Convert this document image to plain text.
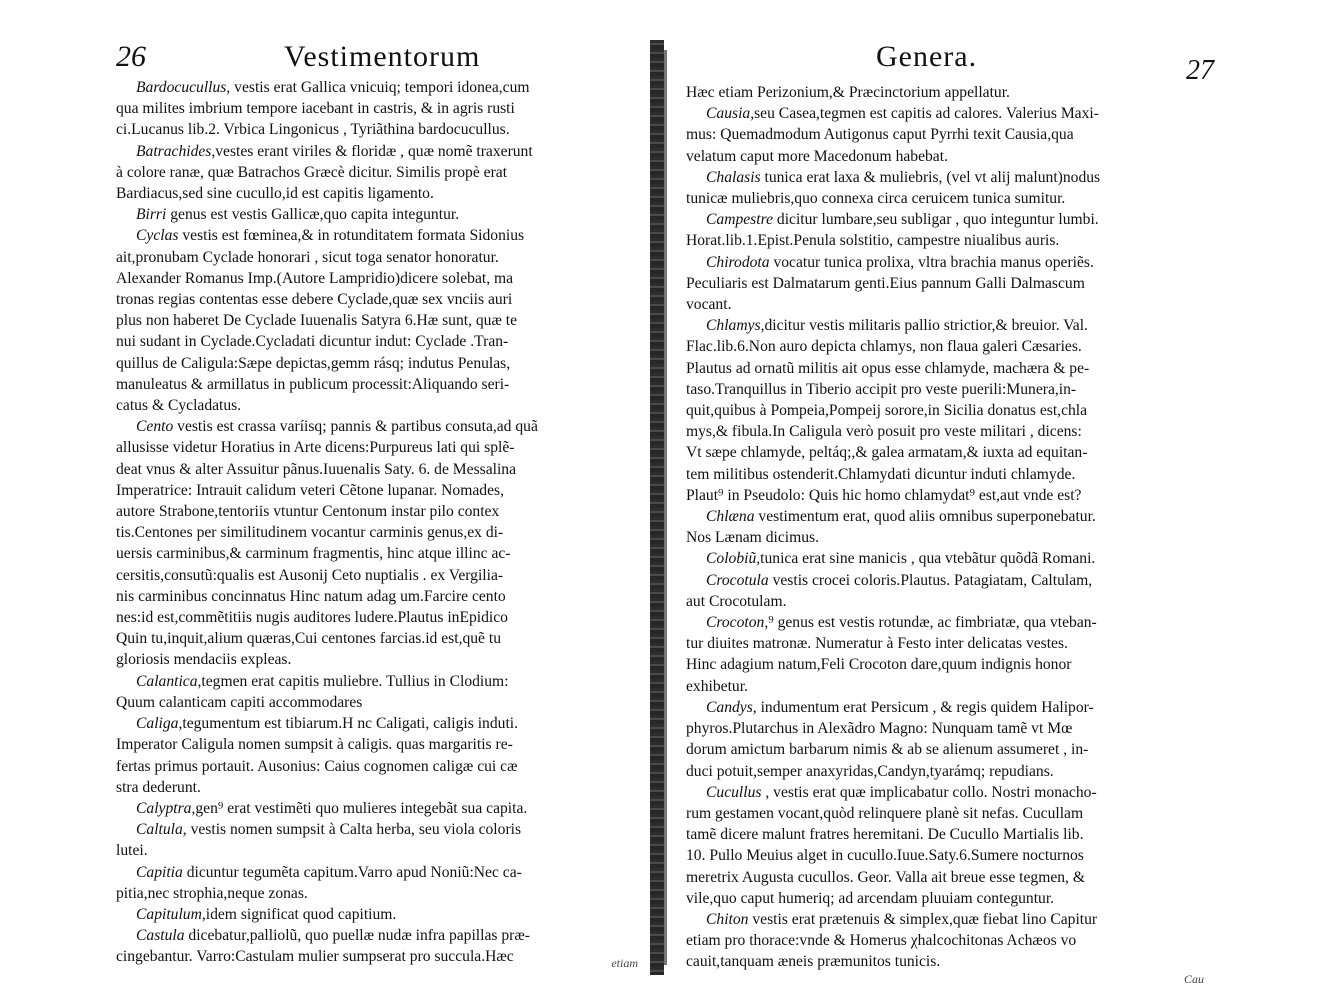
26	Vestimentorum
Bardocucullus, vestis erat Gallica vnicuiq; tempori idonea,cum
qua milites imbrium tempore iacebant in castris, & in agris rusti
ci.Lucanus lib.2. Vrbica Lingonicus , Tyriãthina bardocucullus.
Batrachides,vestes erant viriles & floridæ , quæ nomẽ traxerunt
à colore ranæ, quæ Batrachos Græcè dicitur. Similis propè erat
Bardiacus,sed sine cucullo,id est capitis ligamento.
Birri genus est vestis Gallicæ,quo capita integuntur.
Cyclas vestis est fœminea,& in rotunditatem formata Sidonius
ait,pronubam Cyclade honorari , sicut toga senator honoratur.
Alexander Romanus Imp.(Autore Lampridio)dicere solebat, ma
tronas regias contentas esse debere Cyclade,quæ sex vnciis auri
plus non haberet De Cyclade Iuuenalis Satyra 6.Hæ sunt, quæ te
nui sudant in Cyclade.Cycladati dicuntur indut: Cyclade .Tran-
quillus de Caligula:Sæpe depictas,gemm rásq; indutus Penulas,
manuleatus & armillatus in publicum processit:Aliquando seri-
catus & Cycladatus.
Cento vestis est crassa varíisq; pannis & partibus consuta,ad quã
allusisse videtur Horatius in Arte dicens:Purpureus lati qui splẽ-
deat vnus & alter Assuitur pãnus.Iuuenalis Saty. 6. de Messalina
Imperatrice: Intrauit calidum veteri Cẽtone lupanar. Nomades,
autore Strabone,tentoriis vtuntur Centonum instar pilo contex
tis.Centones per similitudinem vocantur carminis genus,ex di-
uersis carminibus,& carminum fragmentis, hinc atque illinc ac-
cersitis,consutũ:qualis est Ausonij Ceto nuptialis . ex Vergilia-
nis carminibus concinnatus Hinc natum adag um.Farcire cento
nes:id est,commẽtitiis nugis auditores ludere.Plautus inEpidico
Quin tu,inquit,alium quæras,Cui centones farcias.id est,quẽ tu
gloriosis mendaciis expleas.
Calantica,tegmen erat capitis muliebre. Tullius in Clodium:
Quum calanticam capiti accommodares
Caliga,tegumentum est tibiarum.H nc Caligati, caligis induti.
Imperator Caligula nomen sumpsit à caligis. quas margaritis re-
fertas primus portauit. Ausonius: Caius cognomen caligæ cui cæ
stra dederunt.
Calyptra,gen⁹ erat vestimẽti quo mulieres integebãt sua capita.
Caltula, vestis nomen sumpsit à Calta herba, seu viola coloris
lutei.
Capitia dicuntur tegumẽta capitum.Varro apud Noniũ:Nec ca-
pitia,nec strophia,neque zonas.
Capitulum,idem significat quod capitium.
Castula dicebatur,palliolũ, quo puellæ nudæ infra papillas præ-
cingebantur. Varro:Castulam mulier sumpserat pro succula.Hæc	etiam
Genera.	27
Hæc etiam Perizonium,& Præcinctorium appellatur.
Causia,seu Casea,tegmen est capitis ad calores. Valerius Maxi-
mus: Quemadmodum Autigonus caput Pyrrhi texit Causia,qua
velatum caput more Macedonum habebat.
Chalasis tunica erat laxa & muliebris, (vel vt alij malunt)nodus
tunicæ muliebris,quo connexa circa ceruicem tunica sumitur.
Campestre dicitur lumbare,seu subligar , quo integuntur lumbi.
Horat.lib.1.Epist.Penula solstitio, campestre niualibus auris.
Chirodota vocatur tunica prolixa, vltra brachia manus operiẽs.
Peculiaris est Dalmatarum genti.Eius pannum Galli Dalmascum
vocant.
Chlamys,dicitur vestis militaris pallio strictior,& breuior. Val.
Flac.lib.6.Non auro depicta chlamys, non flaua galeri Cæsaries.
Plautus ad ornatũ militis ait opus esse chlamyde, machæra & pe-
taso.Tranquillus in Tiberio accipit pro veste puerili:Munera,in-
quit,quibus à Pompeia,Pompeij sorore,in Sicilia donatus est,chla
mys,& fibula.In Caligula verò posuit pro veste militari , dicens:
Vt sæpe chlamyde, peltáq;,& galea armatam,& iuxta ad equitan-
tem militibus ostenderit.Chlamydati dicuntur induti chlamyde.
Plaut⁹ in Pseudolo: Quis hic homo chlamydat⁹ est,aut vnde est?
Chlæna vestimentum erat, quod aliis omnibus superponebatur.
Nos Lænam dicimus.
Colobiũ,tunica erat sine manicis , qua vtebãtur quõdã Romani.
Crocotula vestis crocei coloris.Plautus. Patagiatam, Caltulam,
aut Crocotulam.
Crocoton,⁹ genus est vestis rotundæ, ac fimbriatæ, qua vteban-
tur diuites matronæ. Numeratur à Festo inter delicatas vestes.
Hinc adagium natum,Feli Crocoton dare,quum indignis honor
exhibetur.
Candys, indumentum erat Persicum , & regis quidem Halipor-
phyros.Plutarchus in Alexãdro Magno: Nunquam tamẽ vt Mœ
dorum amictum barbarum nimis & ab se alienum assumeret , in-
duci potuit,semper anaxyridas,Candyn,tyarámq; repudians.
Cucullus , vestis erat quæ implicabatur collo. Nostri monacho-
rum gestamen vocant,quòd relinquere planè sit nefas. Cucullam
tamẽ dicere malunt fratres heremitani. De Cucullo Martialis lib.
10. Pullo Meuius alget in cucullo.Iuue.Saty.6.Sumere nocturnos
meretrix Augusta cucullos. Geor. Valla ait breue esse tegmen, &
vile,quo caput humeriq; ad arcendam pluuiam conteguntur.
Chiton vestis erat prætenuis & simplex,quæ fiebat lino Capitur
etiam pro thorace:vnde & Homerus χhalcochitonas Achæos vo
cauit,tanquam æneis præmunitos tunicis.
Cau
